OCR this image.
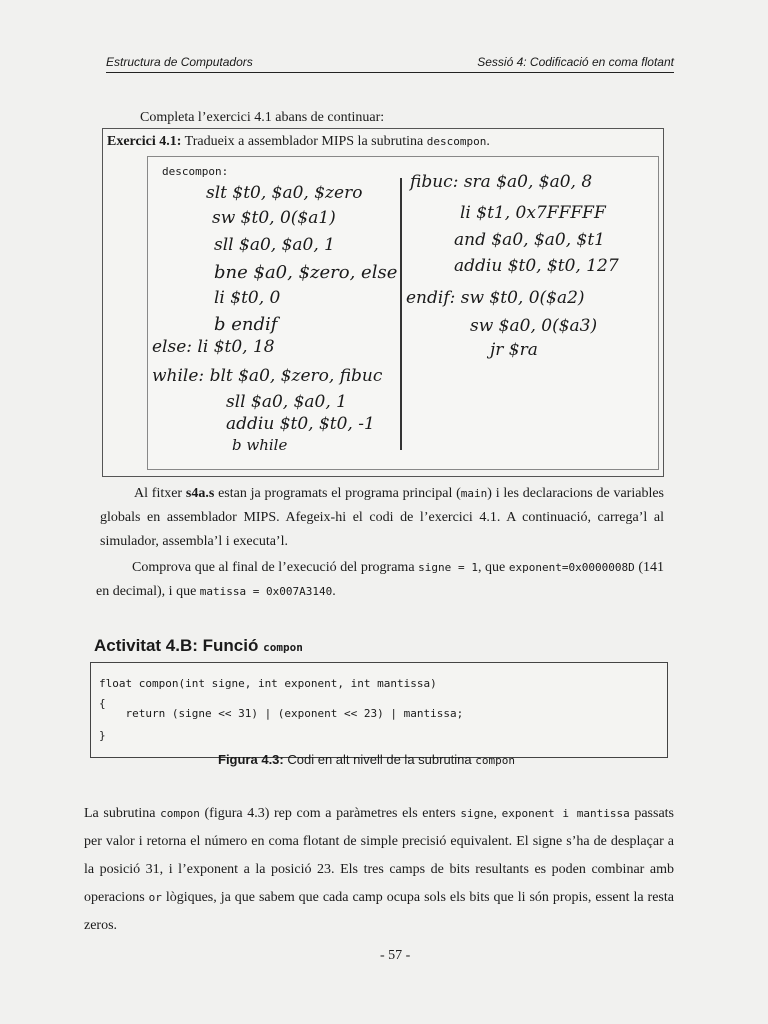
Estructura de Computadors	Sessió 4: Codificació en coma flotant
Completa l’exercici 4.1 abans de continuar:
Exercici 4.1: Tradueix a assemblador MIPS la subrutina descompon.
descompon:
slt $t0, $a0, $zero
sw $t0, 0($a1)
sll $a0, $a0, 1
bne $a0, $zero, else
li $t0, 0
b endif
else: li $t0, 18
while: blt $a0, $zero, fibuc
sll $a0, $a0, 1
addiu $t0, $t0, -1
b while
fibuc: sra $a0, $a0, 8
li $t1, 0x7FFFFF
and $a0, $a0, $t1
addiu $t0, $t0, 127
endif: sw $t0, 0($a2)
sw $a0, 0($a3)
jr $ra
Al fitxer s4a.s estan ja programats el programa principal (main) i les declaracions de variables globals en assemblador MIPS. Afegeix-hi el codi de l’exercici 4.1. A continuació, carrega’l al simulador, assembla’l i executa’l.
Comprova que al final de l’execució del programa signe = 1, que exponent=0x0000008D (141 en decimal), i que matissa = 0x007A3140.
Activitat 4.B: Funció compon
float compon(int signe, int exponent, int mantissa)
{
return (signe << 31) | (exponent << 23) | mantissa;
}
Figura 4.3: Codi en alt nivell de la subrutina compon
La subrutina compon (figura 4.3) rep com a paràmetres els enters signe, exponent i mantissa passats per valor i retorna el número en coma flotant de simple precisió equivalent. El signe s’ha de desplaçar a la posició 31, i l’exponent a la posició 23. Els tres camps de bits resultants es poden combinar amb operacions or lògiques, ja que sabem que cada camp ocupa sols els bits que li són propis, essent la resta zeros.
- 57 -
